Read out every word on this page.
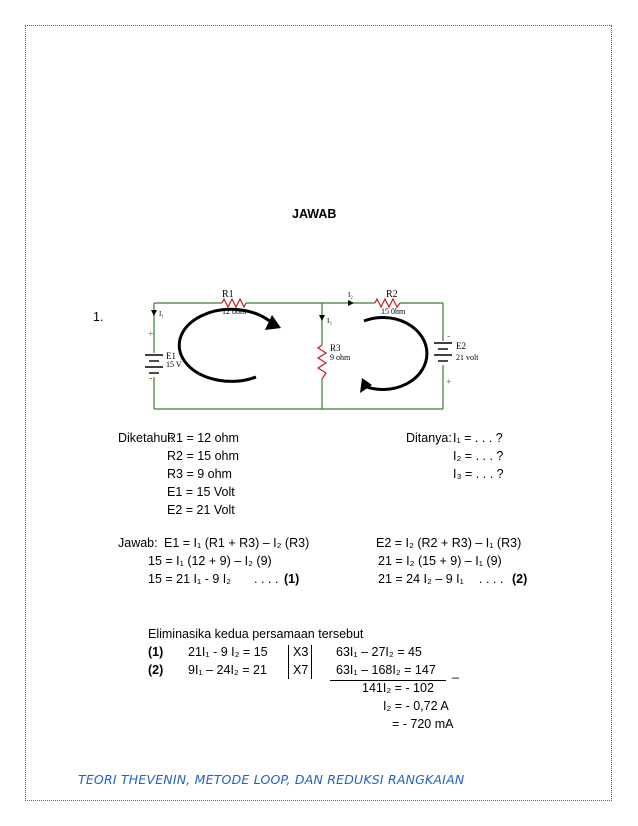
JAWAB
1.
R1
12 ohm
R2
15 0hm
R3
9 ohm
E1
15 V
E2
21 volt
I₁
I₃
I₂
+
-
-
+
Diketahui:
R1 = 12 ohm
R2 = 15 ohm
R3 = 9 ohm
E1 = 15 Volt
E2 = 21 Volt
Ditanya: I₁ = . . . ?
I₂ = . . . ?
I₃ = . . . ?
Jawab: E1 = I₁ (R1 + R3) – I₂ (R3)
15 = I₁ (12 + 9) – I₂ (9)
15 = 21 I₁ - 9 I₂ . . . . (1)
E2 = I₂ (R2 + R3) – I₁ (R3)
21 = I₂ (15 + 9) – I₁ (9)
21 = 24 I₂ – 9 I₁ . . . . (2)
Eliminasika kedua persamaan tersebut
(1) 21I₁ - 9 I₂ = 15 X3 63I₁ – 27I₂ = 45
(2) 9I₁ – 24I₂ = 21 X7 63I₁ – 168I₂ = 147 _
141I₂ = - 102
I₂ = - 0,72 A
= - 720 mA
TEORI THEVENIN, METODE LOOP, DAN REDUKSI RANGKAIAN
